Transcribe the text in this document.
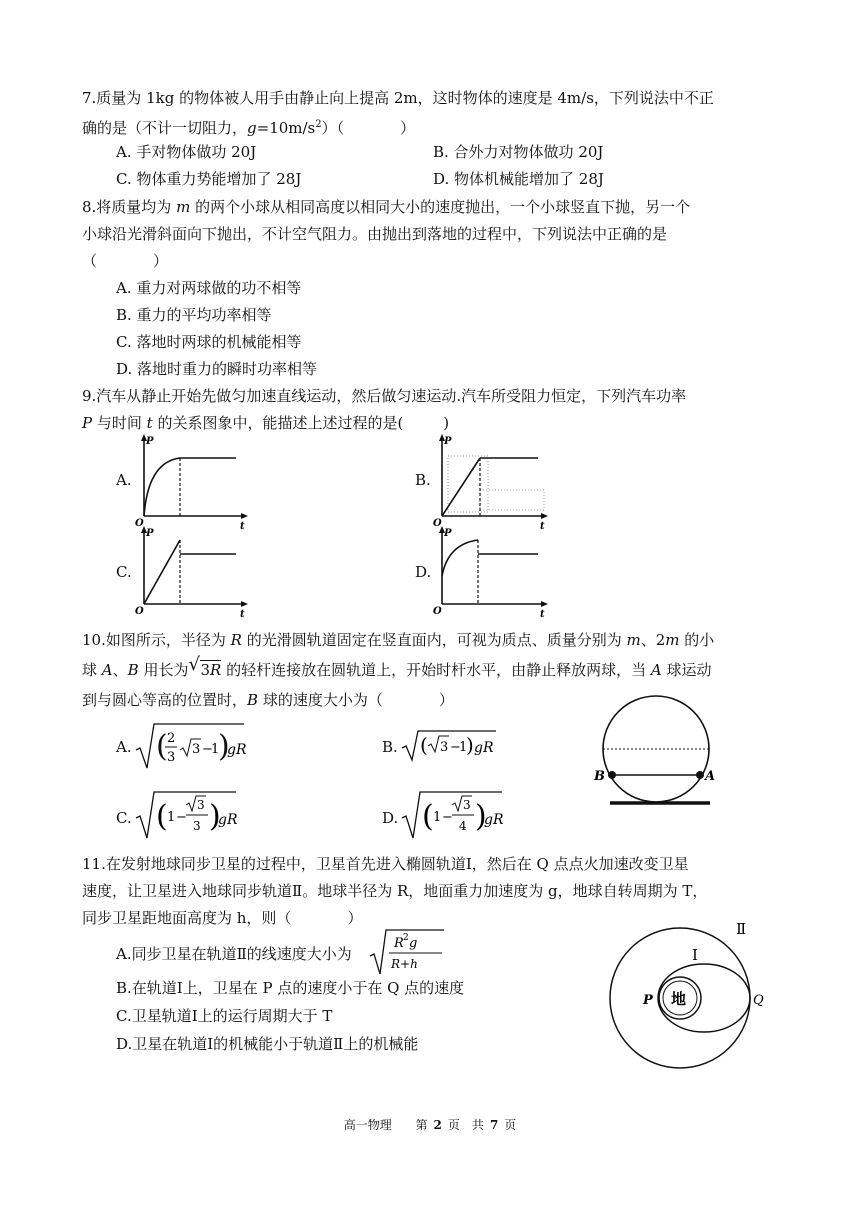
7.质量为 1kg 的物体被人用手由静止向上提高 2m，这时物体的速度是 4m/s，下列说法中不正
确的是（不计一切阻力，$g=10m/s^2$）（	）
A. 手对物体做功 20J	B. 合外力对物体做功 20J
C. 物体重力势能增加了 28J	D. 物体机械能增加了 28J
8.将质量均为 m 的两个小球从相同高度以相同大小的速度抛出，一个小球竖直下抛，另一个
小球沿光滑斜面向下抛出，不计空气阻力。由抛出到落地的过程中，下列说法中正确的是
（	）
A. 重力对两球做的功不相等
B. 重力的平均功率相等
C. 落地时两球的机械能相等
D. 落地时重力的瞬时功率相等
9.汽车从静止开始先做匀加速直线运动，然后做匀速运动.汽车所受阻力恒定，下列汽车功率
P 与时间 t 的关系图象中，能描述上述过程的是(	)
A.	B.
C.	D.
P
O	t
P
O	t
P
O	t
P
O	t
10.如图所示，半径为 R 的光滑圆轨道固定在竖直面内，可视为质点、质量分别为 m、2m 的小
球 A、B 用长为 √ 3R 的轻杆连接放在圆轨道上，开始时杆水平，由静止释放两球，当 A 球运动
到与圆心等高的位置时，B 球的速度大小为（	）
A.	B.
C.	D.
( 2
3
3 −
1
)
gR	( 3 −
1
) gR
( 1 −
3
3 )
gR	( 1 −
3
4 )
gR
B	A
11.在发射地球同步卫星的过程中，卫星首先进入椭圆轨道Ⅰ，然后在 Q 点点火加速改变卫星
速度，让卫星进入地球同步轨道Ⅱ。地球半径为 R，地面重力加速度为 g，地球自转周期为 T，
同步卫星距地面高度为 h，则（	）
A.同步卫星在轨道Ⅱ的线速度大小为
R 2 g
R+h
B.在轨道Ⅰ上，卫星在 P 点的速度小于在 Q 点的速度
C.卫星轨道Ⅰ上的运行周期大于 T
D.卫星在轨道Ⅰ的机械能小于轨道Ⅱ上的机械能
地
P	Q
Ⅰ
Ⅱ
高一物理 第 2 页 共 7 页
